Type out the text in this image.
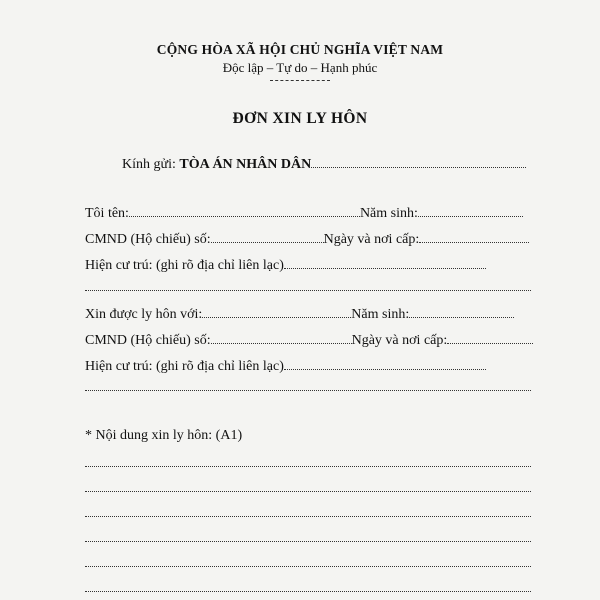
CỘNG HÒA XÃ HỘI CHỦ NGHĨA VIỆT NAM
Độc lập – Tự do – Hạnh phúc
ĐƠN XIN LY HÔN
Kính gửi: TÒA ÁN NHÂN DÂN
Tôi tên:	Năm sinh:
CMND (Hộ chiếu) số:	Ngày và nơi cấp:
Hiện cư trú: (ghi rõ địa chỉ liên lạc)
Xin được ly hôn với:	Năm sinh:
CMND (Hộ chiếu) số:	Ngày và nơi cấp:
Hiện cư trú: (ghi rõ địa chỉ liên lạc)
* Nội dung xin ly hôn: (A1)
